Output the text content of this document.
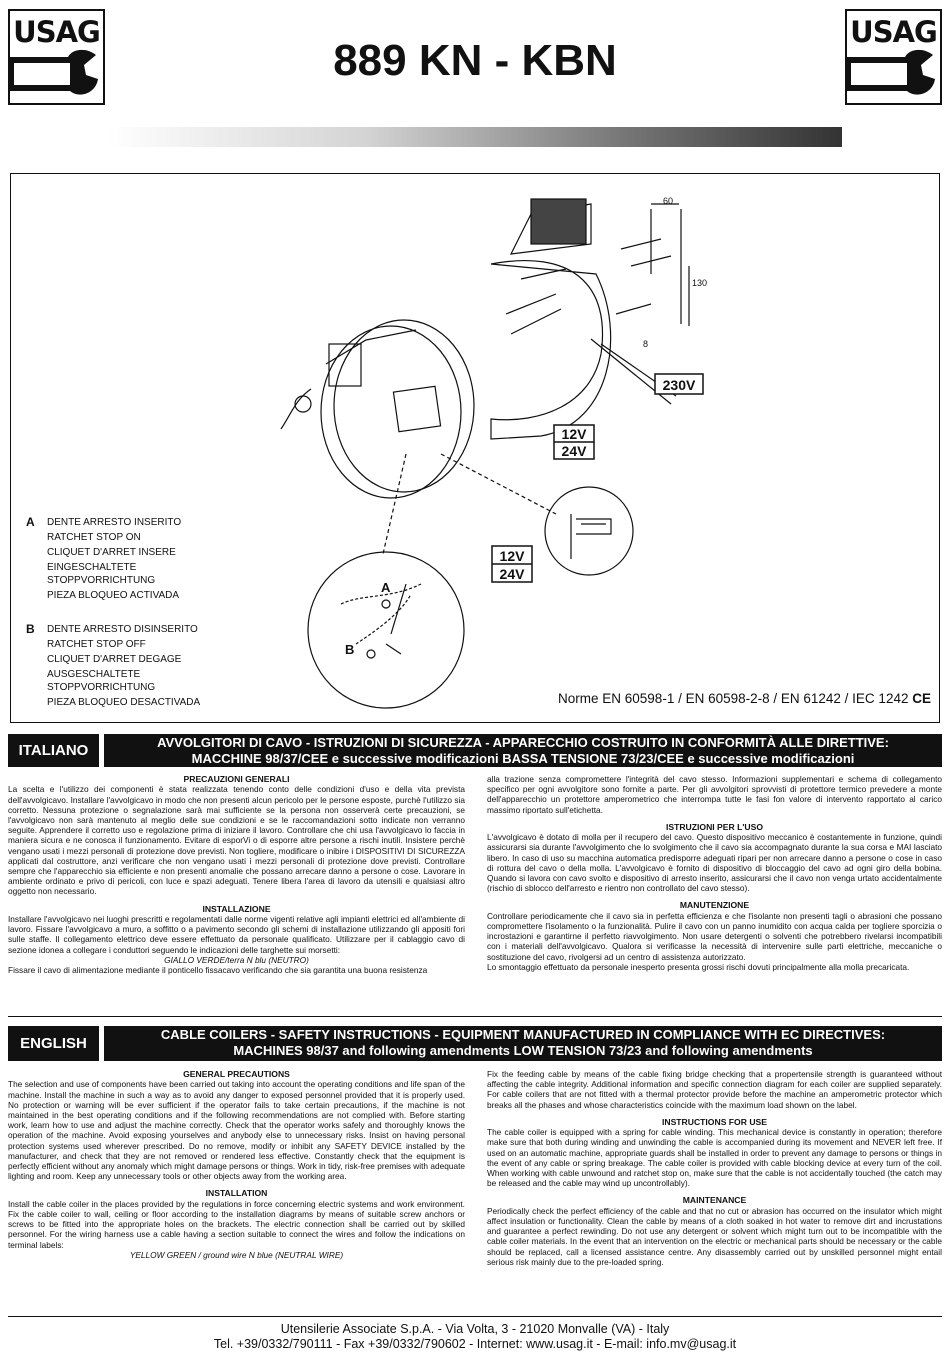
USAG	USAG
889 KN - KBN
230V
12V
24V
12V
24V
60
130
8
A
B
A DENTE ARRESTO INSERITO
RATCHET STOP ON
CLIQUET D'ARRET INSERE
EINGESCHALTETE
STOPPVORRICHTUNG
PIEZA BLOQUEO ACTIVADA
B DENTE ARRESTO DISINSERITO
RATCHET STOP OFF
CLIQUET D'ARRET DEGAGE
AUSGESCHALTETE
STOPPVORRICHTUNG
PIEZA BLOQUEO DESACTIVADA	Norme EN 60598-1 / EN 60598-2-8 / EN 61242 / IEC 1242 CE
ITALIANO	AVVOLGITORI DI CAVO - ISTRUZIONI DI SICUREZZA - APPARECCHIO COSTRUITO IN CONFORMITÀ ALLE DIRETTIVE:
MACCHINE 98/37/CEE e successive modificazioni BASSA TENSIONE 73/23/CEE e successive modificazioni
PRECAUZIONI GENERALI

La scelta e l'utilizzo dei componenti è stata realizzata tenendo conto delle condizioni d'uso e della vita prevista dell'avvolgicavo. Installare l'avvolgicavo in modo che non presenti alcun pericolo per le persone esposte, purchè l'utilizzo sia corretto. Nessuna protezione o segnalazione sarà mai sufficiente se la persona non osserverà certe precauzioni, se l'avvolgicavo non sarà mantenuto al meglio delle sue condizioni e se le raccomandazioni sotto indicate non verranno seguite. Apprendere il corretto uso e regolazione prima di iniziare il lavoro. Controllare che chi usa l'avvolgicavo lo faccia in maniera sicura e ne conosca il funzionamento. Evitare di esporVi o di esporre altre persone a rischi inutili. Insistere perchè vengano usati i mezzi personali di protezione dove previsti. Non togliere, modificare o inibire i DISPOSITIVI DI SICUREZZA applicati dal costruttore, anzi verificare che non vengano usati i mezzi personali di protezione dove previsti. Controllare sempre che l'apparecchio sia efficiente e non presenti anomalie che possano arrecare danno a persone o cose. Lavorare in ambiente ordinato e privo di pericoli, con luce e spazi adeguati. Tenere libera l'area di lavoro da utensili e qualsiasi altro oggetto non necessario.

INSTALLAZIONE

Installare l'avvolgicavo nei luoghi prescritti e regolamentati dalle norme vigenti relative agli impianti elettrici ed all'ambiente di lavoro. Fissare l'avvolgicavo a muro, a soffitto o a pavimento secondo gli schemi di installazione utilizzando gli appositi fori sulle staffe. Il collegamento elettrico deve essere effettuato da personale qualificato. Utilizzare per il cablaggio cavo di sezione idonea a collegare i conduttori seguendo le indicazioni delle targhette sui morsetti:

GIALLO VERDE/terra N blu (NEUTRO)

Fissare il cavo di alimentazione mediante il ponticello fissacavo verificando che sia garantita una buona resistenza

alla trazione senza compromettere l'integrità del cavo stesso. Informazioni supplementari e schema di collegamento specifico per ogni avvolgitore sono fornite a parte. Per gli avvolgitori sprovvisti di protettore termico prevedere a monte dell'apparecchio un protettore amperometrico che interrompa tutte le fasi fon valore di intervento rapportato al carico massimo riportato sull'etichetta.

ISTRUZIONI PER L'USO

L'avvolgicavo è dotato di molla per il recupero del cavo. Questo dispositivo meccanico è costantemente in funzione, quindi assicurarsi sia durante l'avvolgimento che lo svolgimento che il cavo sia accompagnato durante la sua corsa e MAI lasciato libero. In caso di uso su macchina automatica predisporre adeguati ripari per non arrecare danno a persone o cose in caso di rottura del cavo o della molla. L'avvolgicavo è fornito di dispositivo di bloccaggio del cavo ad ogni giro della bobina. Quando si lavora con cavo svolto e dispositivo di arresto inserito, assicurarsi che il cavo non venga urtato accidentalmente (rischio di sblocco dell'arresto e rientro non controllato del cavo stesso).

MANUTENZIONE

Controllare periodicamente che il cavo sia in perfetta efficienza e che l'isolante non presenti tagli o abrasioni che possano compromettere l'isolamento o la funzionalità. Pulire il cavo con un panno inumidito con acqua calda per togliere sporcizia o incrostazioni e garantirne il perfetto riavvolgimento. Non usare detergenti o solventi che potrebbero rivelarsi incompatibili con i materiali dell'avvolgicavo. Qualora si verificasse la necessità di intervenire sulle parti elettriche, meccaniche o sostituzione del cavo, rivolgersi ad un centro di assistenza autorizzato.

Lo smontaggio effettuato da personale inesperto presenta grossi rischi dovuti principalmente alla molla precaricata.

ENGLISH
CABLE COILERS - SAFETY INSTRUCTIONS - EQUIPMENT MANUFACTURED IN COMPLIANCE WITH EC DIRECTIVES:
MACHINES 98/37 and following amendments LOW TENSION 73/23 and following amendments
GENERAL PRECAUTIONS

The selection and use of components have been carried out taking into account the operating conditions and life span of the machine. Install the machine in such a way as to avoid any danger to exposed personnel provided that it is properly used. No protection or warning will be ever sufficient if the operator fails to take certain precautions, if the machine is not maintained in the best operating conditions and if the following recommendations are not complied with. Before starting work, learn how to use and adjust the machine correctly. Check that the operator works safely and thoroughly knows the operation of the machine. Avoid exposing yourselves and anybody else to unnecessary risks. Insist on having personal protection systems used wherever prescribed. Do no remove, modify or inhibit any SAFETY DEVICE installed by the manufacturer, and check that they are not removed or rendered less effective. Constantly check that the equipment is perfectly efficient without any anomaly which might damage persons or things. Work in tidy, risk-free premises with adequate lighting and room. Keep any unnecessary tools or other objects away from the working area.

INSTALLATION

Install the cable coiler in the places provided by the regulations in force concerning electric systems and work environment. Fix the cable coiler to wall, ceiling or floor according to the installation diagrams by means of suitable screw anchors or screws to be fitted into the appropriate holes on the brackets. The electric connection shall be carried out by skilled personnel. For the wiring harness use a cable having a section suitable to connect the wires and follow the indications on terminal labels:

YELLOW GREEN / ground wire N blue (NEUTRAL WIRE)

Fix the feeding cable by means of the cable fixing bridge checking that a propertensile strength is guaranteed without affecting the cable integrity. Additional information and specific connection diagram for each coiler are supplied separately. For cable coilers that are not fitted with a thermal protector provide before the machine an amperometric protector which breaks all the phases and whose characteristics coincide with the maximum load shown on the label.

INSTRUCTIONS FOR USE

The cable coiler is equipped with a spring for cable winding. This mechanical device is constantly in operation; therefore make sure that both during winding and unwinding the cable is accompanied during its movement and NEVER left free. If used on an automatic machine, appropriate guards shall be installed in order to prevent any damage to persons or things in the event of any cable or spring breakage. The cable coiler is provided with cable blocking device at every turn of the coil. When working with cable unwound and ratchet stop on, make sure that the cable is not accidentally touched (the catch may be released and the cable may wind up uncontrollably).

MAINTENANCE

Periodically check the perfect efficiency of the cable and that no cut or abrasion has occurred on the insulator which might affect insulation or functionality. Clean the cable by means of a cloth soaked in hot water to remove dirt and incrustations and guarantee a perfect rewinding. Do not use any detergent or solvent which might turn out to be incompatible with the cable coiler materials. In the event that an intervention on the electric or mechanical parts should be necessary or the cable should be replaced, call a licensed assistance centre. Any disassembly carried out by unskilled personnel might entail serious risk mainly due to the pre-loaded spring.

Utensilerie Associate S.p.A. - Via Volta, 3 - 21020 Monvalle (VA) - Italy
Tel. +39/0332/790111 - Fax +39/0332/790602 - Internet: www.usag.it - E-mail: info.mv@usag.it
